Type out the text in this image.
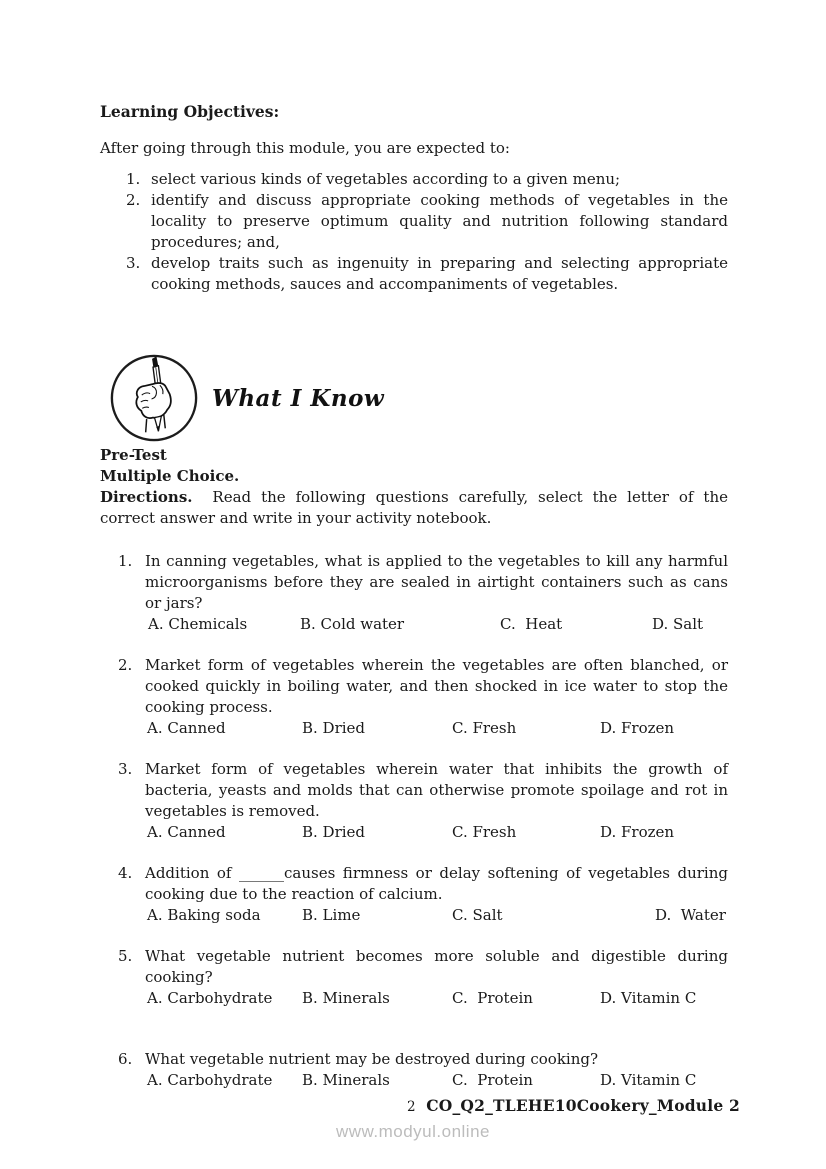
Learning Objectives:

After going through this module, you are expected to:

1. select various kinds of vegetables according to a given menu;
2. identify and discuss appropriate cooking methods of vegetables in the locality to preserve optimum quality and nutrition following standard procedures; and,
3. develop traits such as ingenuity in preparing and selecting appropriate cooking methods, sauces and accompaniments of vegetables.
What I Know
Pre-Test
Multiple Choice.

Directions. Read the following questions carefully, select the letter of the correct answer and write in your activity notebook.

1. In canning vegetables, what is applied to the vegetables to kill any harmful microorganisms before they are sealed in airtight containers such as cans or jars?
A. Chemicals	B. Cold water	C.  Heat	D. Salt
2. Market form of vegetables wherein the vegetables are often blanched, or cooked quickly in boiling water, and then shocked in ice water to stop the cooking process.
A. Canned	B. Dried	C. Fresh	D. Frozen
3. Market form of vegetables wherein water that inhibits the growth of bacteria, yeasts and molds that can otherwise promote spoilage and rot in vegetables is removed.
A. Canned	B. Dried	C. Fresh	D. Frozen
4. Addition of ______causes firmness or delay softening of vegetables during cooking due to the reaction of calcium.
A. Baking soda	B. Lime	C. Salt	D.  Water
5. What vegetable nutrient becomes more soluble and digestible during cooking?
A. Carbohydrate	B. Minerals	C.  Protein	D. Vitamin C
6. What vegetable nutrient may be destroyed during cooking?
A. Carbohydrate	B. Minerals	C.  Protein	D. Vitamin C
2 CO_Q2_TLEHE10Cookery_Module 2
www.modyul.online
